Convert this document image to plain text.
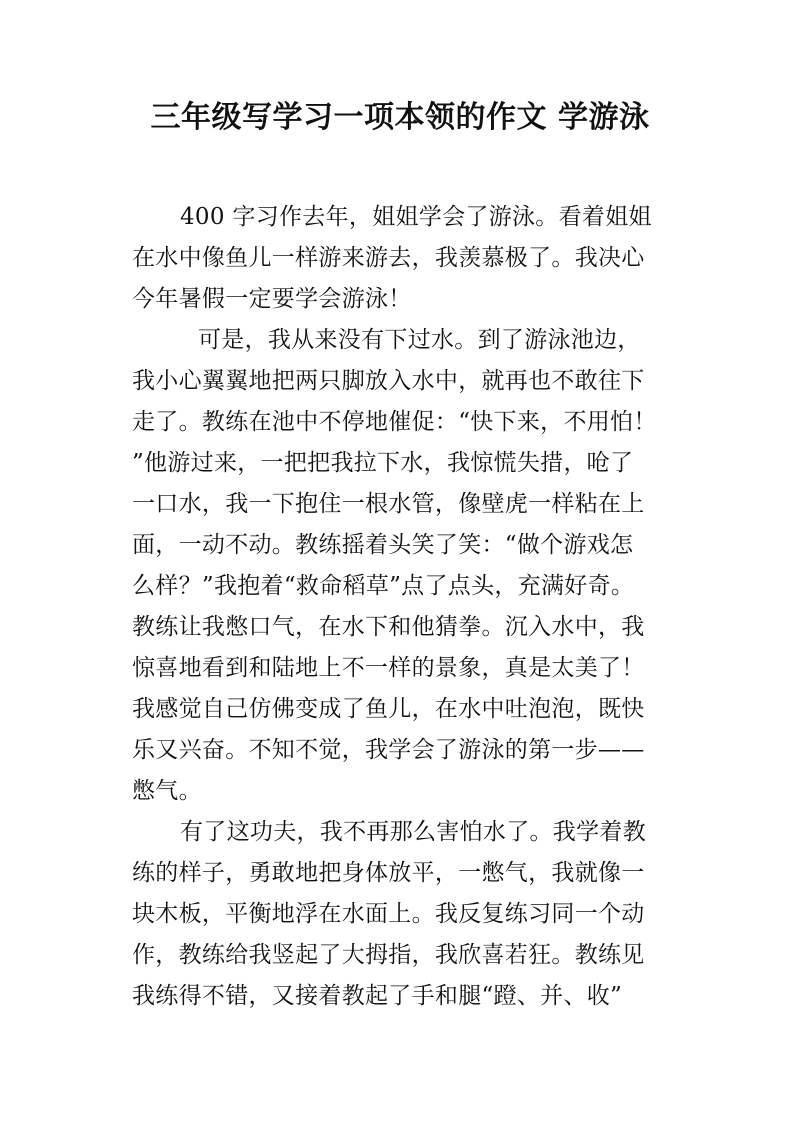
三年级写学习一项本领的作文 学游泳
400 字习作去年，姐姐学会了游泳。看着姐姐
在水中像鱼儿一样游来游去，我羡慕极了。我决心
今年暑假一定要学会游泳！
可是，我从来没有下过水。到了游泳池边，
我小心翼翼地把两只脚放入水中，就再也不敢往下
走了。教练在池中不停地催促：“快下来，不用怕！
”他游过来，一把把我拉下水，我惊慌失措，呛了
一口水，我一下抱住一根水管，像壁虎一样粘在上
面，一动不动。教练摇着头笑了笑：“做个游戏怎
么样？”我抱着“救命稻草”点了点头，充满好奇。
教练让我憋口气，在水下和他猜拳。沉入水中，我
惊喜地看到和陆地上不一样的景象，真是太美了！
我感觉自己仿佛变成了鱼儿，在水中吐泡泡，既快
乐又兴奋。不知不觉，我学会了游泳的第一步——
憋气。
有了这功夫，我不再那么害怕水了。我学着教
练的样子，勇敢地把身体放平，一憋气，我就像一
块木板，平衡地浮在水面上。我反复练习同一个动
作，教练给我竖起了大拇指，我欣喜若狂。教练见
我练得不错，又接着教起了手和腿“蹬、并、收”
